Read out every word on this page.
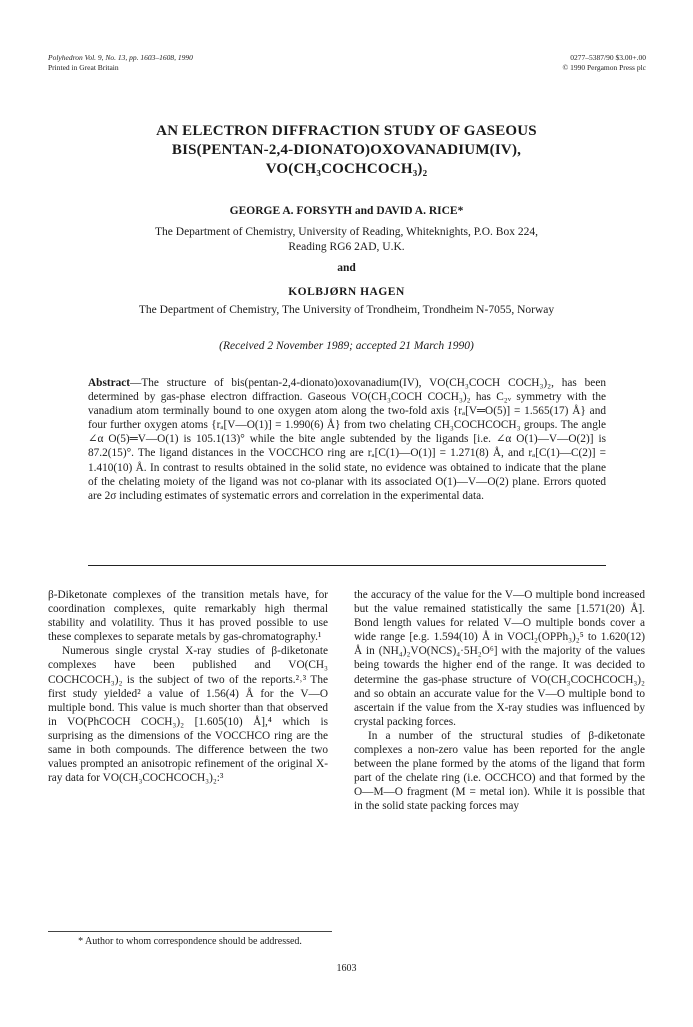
Polyhedron Vol. 9, No. 13, pp. 1603–1608, 1990
Printed in Great Britain
0277–5387/90 $3.00+.00
© 1990 Pergamon Press plc
AN ELECTRON DIFFRACTION STUDY OF GASEOUS
BIS(PENTAN-2,4-DIONATO)OXOVANADIUM(IV),
VO(CH₃COCHCOCH₃)₂
GEORGE A. FORSYTH and DAVID A. RICE*
The Department of Chemistry, University of Reading, Whiteknights, P.O. Box 224,
Reading RG6 2AD, U.K.
and
KOLBJØRN HAGEN
The Department of Chemistry, The University of Trondheim, Trondheim N-7055, Norway
(Received 2 November 1989; accepted 21 March 1990)
Abstract—The structure of bis(pentan-2,4-dionato)oxovanadium(IV), VO(CH₃COCH COCH₃)₂, has been determined by gas-phase electron diffraction. Gaseous VO(CH₃COCH COCH₃)₂ has C₂ᵥ symmetry with the vanadium atom terminally bound to one oxygen atom along the two-fold axis {rₐ[V═O(5)] = 1.565(17) Å} and four further oxygen atoms {rₐ[V—O(1)] = 1.990(6) Å} from two chelating CH₃COCHCOCH₃ groups. The angle ∠α O(5)═V—O(1) is 105.1(13)° while the bite angle subtended by the ligands [i.e. ∠α O(1)—V—O(2)] is 87.2(15)°. The ligand distances in the VOCCHCO ring are rₐ[C(1)—O(1)] = 1.271(8) Å, and rₐ[C(1)—C(2)] = 1.410(10) Å. In contrast to results obtained in the solid state, no evidence was obtained to indicate that the plane of the chelating moiety of the ligand was not co-planar with its associated O(1)—V—O(2) plane. Errors quoted are 2σ including estimates of systematic errors and correlation in the experimental data.

β-Diketonate complexes of the transition metals have, for coordination complexes, quite remarkably high thermal stability and volatility. Thus it has proved possible to use these complexes to separate metals by gas-chromatography.¹

Numerous single crystal X-ray studies of β-diketonate complexes have been published and VO(CH₃ COCHCOCH₃)₂ is the subject of two of the reports.²˒³ The first study yielded² a value of 1.56(4) Å for the V—O multiple bond. This value is much shorter than that observed in VO(PhCOCH COCH₃)₂ [1.605(10) Å],⁴ which is surprising as the dimensions of the VOCCHCO ring are the same in both compounds. The difference between the two values prompted an anisotropic refinement of the original X-ray data for VO(CH₃COCHCOCH₃)₂:³

the accuracy of the value for the V—O multiple bond increased but the value remained statistically the same [1.571(20) Å]. Bond length values for related V—O multiple bonds cover a wide range [e.g. 1.594(10) Å in VOCl₂(OPPh₃)₂⁵ to 1.620(12) Å in (NH₄)₂VO(NCS)₄·5H₂O⁶] with the majority of the values being towards the higher end of the range. It was decided to determine the gas-phase structure of VO(CH₃COCHCOCH₃)₂ and so obtain an accurate value for the V—O multiple bond to ascertain if the value from the X-ray studies was influenced by crystal packing forces.

In a number of the structural studies of β-diketonate complexes a non-zero value has been reported for the angle between the plane formed by the atoms of the ligand that form part of the chelate ring (i.e. OCCHCO) and that formed by the O—M—O fragment (M = metal ion). While it is possible that in the solid state packing forces may

* Author to whom correspondence should be addressed.
1603
